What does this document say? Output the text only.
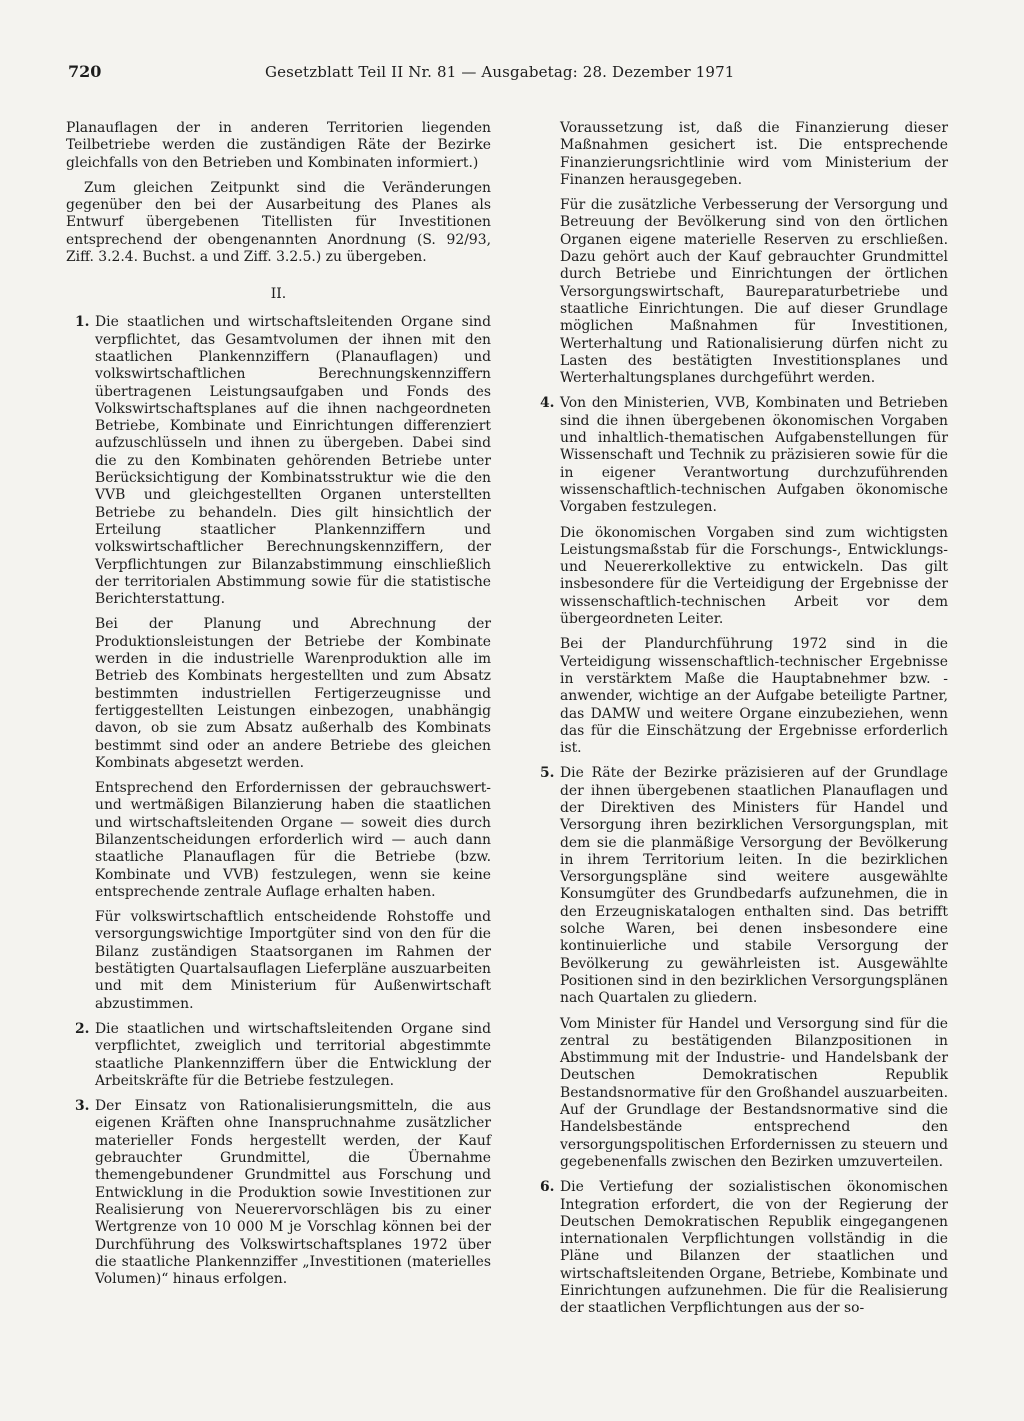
720	Gesetzblatt Teil II Nr. 81 — Ausgabetag: 28. Dezember 1971

Planauflagen der in anderen Territorien liegenden Teilbetriebe werden die zuständigen Räte der Bezirke gleichfalls von den Betrieben und Kombinaten informiert.)

Zum gleichen Zeitpunkt sind die Veränderungen gegenüber den bei der Ausarbeitung des Planes als Entwurf übergebenen Titellisten für Investitionen entsprechend der obengenannten Anordnung (S. 92/93, Ziff. 3.2.4. Buchst. a und Ziff. 3.2.5.) zu übergeben.

II.
1. Die staatlichen und wirtschaftsleitenden Organe sind verpflichtet, das Gesamtvolumen der ihnen mit den staatlichen Plankennziffern (Planauflagen) und volkswirtschaftlichen Berechnungskennziffern übertragenen Leistungsaufgaben und Fonds des Volkswirtschaftsplanes auf die ihnen nachgeordneten Betriebe, Kombinate und Einrichtungen differenziert aufzuschlüsseln und ihnen zu übergeben. Dabei sind die zu den Kombinaten gehörenden Betriebe unter Berücksichtigung der Kombinatsstruktur wie die den VVB und gleichgestellten Organen unterstellten Betriebe zu behandeln. Dies gilt hinsichtlich der Erteilung staatlicher Plankennziffern und volkswirtschaftlicher Berechnungskennziffern, der Verpflichtungen zur Bilanzabstimmung einschließlich der territorialen Abstimmung sowie für die statistische Berichterstattung.

Bei der Planung und Abrechnung der Produktionsleistungen der Betriebe der Kombinate werden in die industrielle Warenproduktion alle im Betrieb des Kombinats hergestellten und zum Absatz bestimmten industriellen Fertigerzeugnisse und fertiggestellten Leistungen einbezogen, unabhängig davon, ob sie zum Absatz außerhalb des Kombinats bestimmt sind oder an andere Betriebe des gleichen Kombinats abgesetzt werden.

Entsprechend den Erfordernissen der gebrauchswert- und wertmäßigen Bilanzierung haben die staatlichen und wirtschaftsleitenden Organe — soweit dies durch Bilanzentscheidungen erforderlich wird — auch dann staatliche Planauflagen für die Betriebe (bzw. Kombinate und VVB) festzulegen, wenn sie keine entsprechende zentrale Auflage erhalten haben.

Für volkswirtschaftlich entscheidende Rohstoffe und versorgungswichtige Importgüter sind von den für die Bilanz zuständigen Staatsorganen im Rahmen der bestätigten Quartalsauflagen Lieferpläne auszuarbeiten und mit dem Ministerium für Außenwirtschaft abzustimmen.

2. Die staatlichen und wirtschaftsleitenden Organe sind verpflichtet, zweiglich und territorial abgestimmte staatliche Plankennziffern über die Entwicklung der Arbeitskräfte für die Betriebe festzulegen.

3. Der Einsatz von Rationalisierungsmitteln, die aus eigenen Kräften ohne Inanspruchnahme zusätzlicher materieller Fonds hergestellt werden, der Kauf gebrauchter Grundmittel, die Übernahme themengebundener Grundmittel aus Forschung und Entwicklung in die Produktion sowie Investitionen zur Realisierung von Neuerervorschlägen bis zu einer Wertgrenze von 10 000 M je Vorschlag können bei der Durchführung des Volkswirtschaftsplanes 1972 über die staatliche Plankennziffer „Investitionen (materielles Volumen)“ hinaus erfolgen.

Voraussetzung ist, daß die Finanzierung dieser Maßnahmen gesichert ist. Die entsprechende Finanzierungsrichtlinie wird vom Ministerium der Finanzen herausgegeben.

Für die zusätzliche Verbesserung der Versorgung und Betreuung der Bevölkerung sind von den örtlichen Organen eigene materielle Reserven zu erschließen. Dazu gehört auch der Kauf gebrauchter Grundmittel durch Betriebe und Einrichtungen der örtlichen Versorgungswirtschaft, Baureparaturbetriebe und staatliche Einrichtungen. Die auf dieser Grundlage möglichen Maßnahmen für Investitionen, Werterhaltung und Rationalisierung dürfen nicht zu Lasten des bestätigten Investitionsplanes und Werterhaltungsplanes durchgeführt werden.

4. Von den Ministerien, VVB, Kombinaten und Betrieben sind die ihnen übergebenen ökonomischen Vorgaben und inhaltlich-thematischen Aufgabenstellungen für Wissenschaft und Technik zu präzisieren sowie für die in eigener Verantwortung durchzuführenden wissenschaftlich-technischen Aufgaben ökonomische Vorgaben festzulegen.

Die ökonomischen Vorgaben sind zum wichtigsten Leistungsmaßstab für die Forschungs-, Entwicklungs- und Neuererkollektive zu entwickeln. Das gilt insbesondere für die Verteidigung der Ergebnisse der wissenschaftlich-technischen Arbeit vor dem übergeordneten Leiter.

Bei der Plandurchführung 1972 sind in die Verteidigung wissenschaftlich-technischer Ergebnisse in verstärktem Maße die Hauptabnehmer bzw. -anwender, wichtige an der Aufgabe beteiligte Partner, das DAMW und weitere Organe einzubeziehen, wenn das für die Einschätzung der Ergebnisse erforderlich ist.

5. Die Räte der Bezirke präzisieren auf der Grundlage der ihnen übergebenen staatlichen Planauflagen und der Direktiven des Ministers für Handel und Versorgung ihren bezirklichen Versorgungsplan, mit dem sie die planmäßige Versorgung der Bevölkerung in ihrem Territorium leiten. In die bezirklichen Versorgungspläne sind weitere ausgewählte Konsumgüter des Grundbedarfs aufzunehmen, die in den Erzeugniskatalogen enthalten sind. Das betrifft solche Waren, bei denen insbesondere eine kontinuierliche und stabile Versorgung der Bevölkerung zu gewährleisten ist. Ausgewählte Positionen sind in den bezirklichen Versorgungsplänen nach Quartalen zu gliedern.

Vom Minister für Handel und Versorgung sind für die zentral zu bestätigenden Bilanzpositionen in Abstimmung mit der Industrie- und Handelsbank der Deutschen Demokratischen Republik Bestandsnormative für den Großhandel auszuarbeiten. Auf der Grundlage der Bestandsnormative sind die Handelsbestände entsprechend den versorgungspolitischen Erfordernissen zu steuern und gegebenenfalls zwischen den Bezirken umzuverteilen.

6. Die Vertiefung der sozialistischen ökonomischen Integration erfordert, die von der Regierung der Deutschen Demokratischen Republik eingegangenen internationalen Verpflichtungen vollständig in die Pläne und Bilanzen der staatlichen und wirtschaftsleitenden Organe, Betriebe, Kombinate und Einrichtungen aufzunehmen. Die für die Realisierung der staatlichen Verpflichtungen aus der so-
